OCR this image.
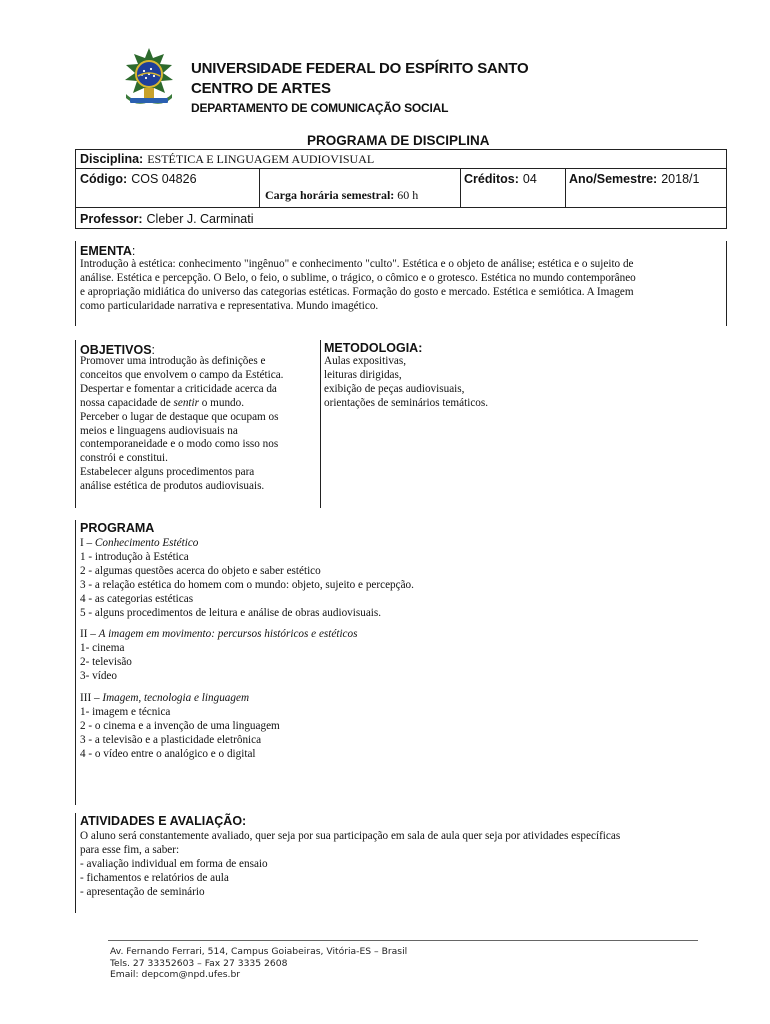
UNIVERSIDADE FEDERAL DO ESPÍRITO SANTO
CENTRO DE ARTES
DEPARTAMENTO DE COMUNICAÇÃO SOCIAL
PROGRAMA DE DISCIPLINA
Disciplina: ESTÉTICA E LINGUAGEM AUDIOVISUAL
Código: COS 04826
Carga horária semestral: 60 h
Créditos: 04	Ano/Semestre: 2018/1
Professor: Cleber J. Carminati
EMENTA:
Introdução à estética: conhecimento "ingênuo" e conhecimento "culto". Estética e o objeto de análise; estética e o sujeito de
análise. Estética e percepção. O Belo, o feio, o sublime, o trágico, o cômico e o grotesco. Estética no mundo contemporâneo
e apropriação midiática do universo das categorias estéticas. Formação do gosto e mercado. Estética e semiótica. A Imagem
como particularidade narrativa e representativa. Mundo imagético.
OBJETIVOS:
Promover uma introdução às definições e
conceitos que envolvem o campo da Estética.
Despertar e fomentar a criticidade acerca da
nossa capacidade de sentir o mundo.
Perceber o lugar de destaque que ocupam os
meios e linguagens audiovisuais na
contemporaneidade e o modo como isso nos
constrói e constitui.
Estabelecer alguns procedimentos para
análise estética de produtos audiovisuais.
METODOLOGIA:
Aulas expositivas,
leituras dirigidas,
exibição de peças audiovisuais,
orientações de seminários temáticos.
PROGRAMA
I – Conhecimento Estético
1 - introdução à Estética
2 - algumas questões acerca do objeto e saber estético
3 - a relação estética do homem com o mundo: objeto, sujeito e percepção.
4 - as categorias estéticas
5 - alguns procedimentos de leitura e análise de obras audiovisuais.
II – A imagem em movimento: percursos históricos e estéticos
1- cinema
2- televisão
3- vídeo
III – Imagem, tecnologia e linguagem
1- imagem e técnica
2 - o cinema e a invenção de uma linguagem
3 - a televisão e a plasticidade eletrônica
4 - o vídeo entre o analógico e o digital
ATIVIDADES E AVALIAÇÃO:
O aluno será constantemente avaliado, quer seja por sua participação em sala de aula quer seja por atividades específicas
para esse fim, a saber:
- avaliação individual em forma de ensaio
- fichamentos e relatórios de aula
- apresentação de seminário
Av. Fernando Ferrari, 514, Campus Goiabeiras, Vitória-ES – Brasil
Tels. 27 33352603 – Fax 27 3335 2608
Email: depcom@npd.ufes.br
